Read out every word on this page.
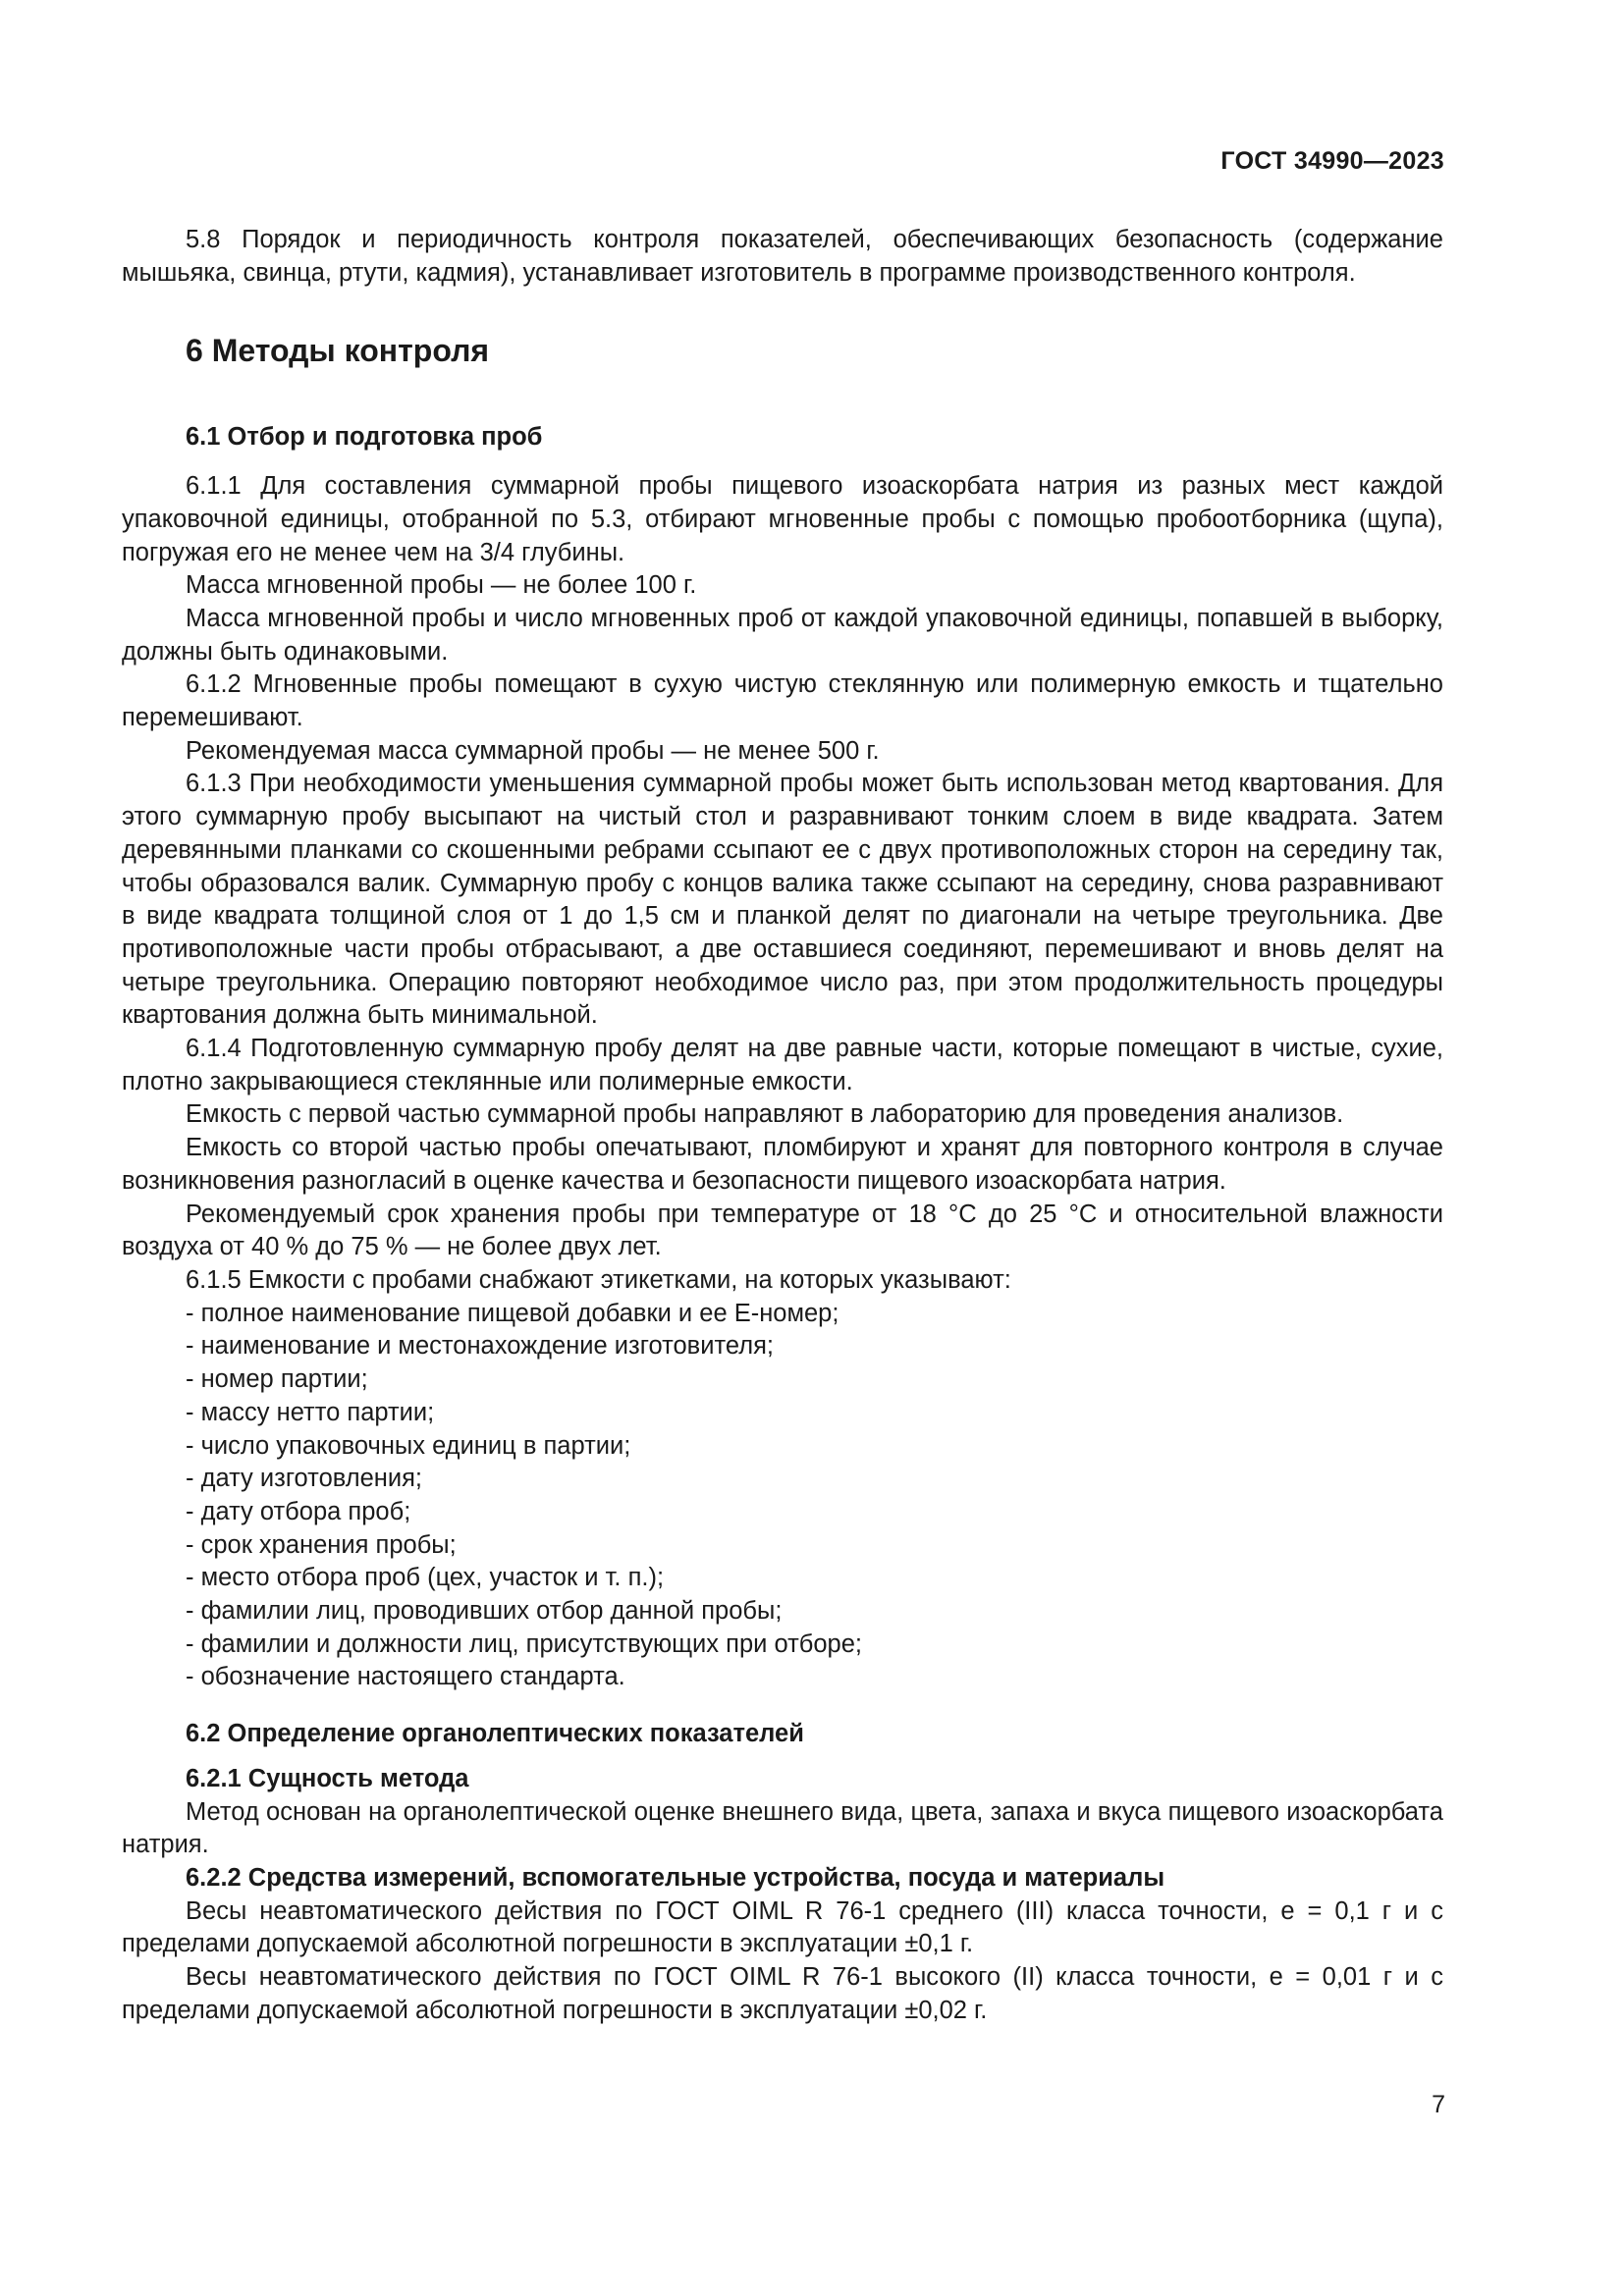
ГОСТ 34990—2023

5.8 Порядок и периодичность контроля показателей, обеспечивающих безопасность (содержание мышьяка, свинца, ртути, кадмия), устанавливает изготовитель в программе производственного контроля.

6 Методы контроля
6.1 Отбор и подготовка проб

6.1.1 Для составления суммарной пробы пищевого изоаскорбата натрия из разных мест каждой упаковочной единицы, отобранной по 5.3, отбирают мгновенные пробы с помощью пробоотборника (щупа), погружая его не менее чем на 3/4 глубины.

Масса мгновенной пробы — не более 100 г.

Масса мгновенной пробы и число мгновенных проб от каждой упаковочной единицы, попавшей в выборку, должны быть одинаковыми.

6.1.2 Мгновенные пробы помещают в сухую чистую стеклянную или полимерную емкость и тщательно перемешивают.

Рекомендуемая масса суммарной пробы — не менее 500 г.

6.1.3 При необходимости уменьшения суммарной пробы может быть использован метод квартования. Для этого суммарную пробу высыпают на чистый стол и разравнивают тонким слоем в виде квадрата. Затем деревянными планками со скошенными ребрами ссыпают ее с двух противоположных сторон на середину так, чтобы образовался валик. Суммарную пробу с концов валика также ссыпают на середину, снова разравнивают в виде квадрата толщиной слоя от 1 до 1,5 см и планкой делят по диагонали на четыре треугольника. Две противоположные части пробы отбрасывают, а две оставшиеся соединяют, перемешивают и вновь делят на четыре треугольника. Операцию повторяют необходимое число раз, при этом продолжительность процедуры квартования должна быть минимальной.

6.1.4 Подготовленную суммарную пробу делят на две равные части, которые помещают в чистые, сухие, плотно закрывающиеся стеклянные или полимерные емкости.

Емкость с первой частью суммарной пробы направляют в лабораторию для проведения анализов.

Емкость со второй частью пробы опечатывают, пломбируют и хранят для повторного контроля в случае возникновения разногласий в оценке качества и безопасности пищевого изоаскорбата натрия.

Рекомендуемый срок хранения пробы при температуре от 18 °С до 25 °С и относительной влажности воздуха от 40 % до 75 % — не более двух лет.

6.1.5 Емкости с пробами снабжают этикетками, на которых указывают:

- полное наименование пищевой добавки и ее Е-номер;

- наименование и местонахождение изготовителя;

- номер партии;

- массу нетто партии;

- число упаковочных единиц в партии;

- дату изготовления;

- дату отбора проб;

- срок хранения пробы;

- место отбора проб (цех, участок и т. п.);

- фамилии лиц, проводивших отбор данной пробы;

- фамилии и должности лиц, присутствующих при отборе;

- обозначение настоящего стандарта.

6.2 Определение органолептических показателей
6.2.1 Сущность метода

Метод основан на органолептической оценке внешнего вида, цвета, запаха и вкуса пищевого изоаскорбата натрия.

6.2.2 Средства измерений, вспомогательные устройства, посуда и материалы

Весы неавтоматического действия по ГОСТ OIML R 76-1 среднего (III) класса точности, е = 0,1 г и с пределами допускаемой абсолютной погрешности в эксплуатации ±0,1 г.

Весы неавтоматического действия по ГОСТ OIML R 76-1 высокого (II) класса точности, е = 0,01 г и с пределами допускаемой абсолютной погрешности в эксплуатации ±0,02 г.

7
